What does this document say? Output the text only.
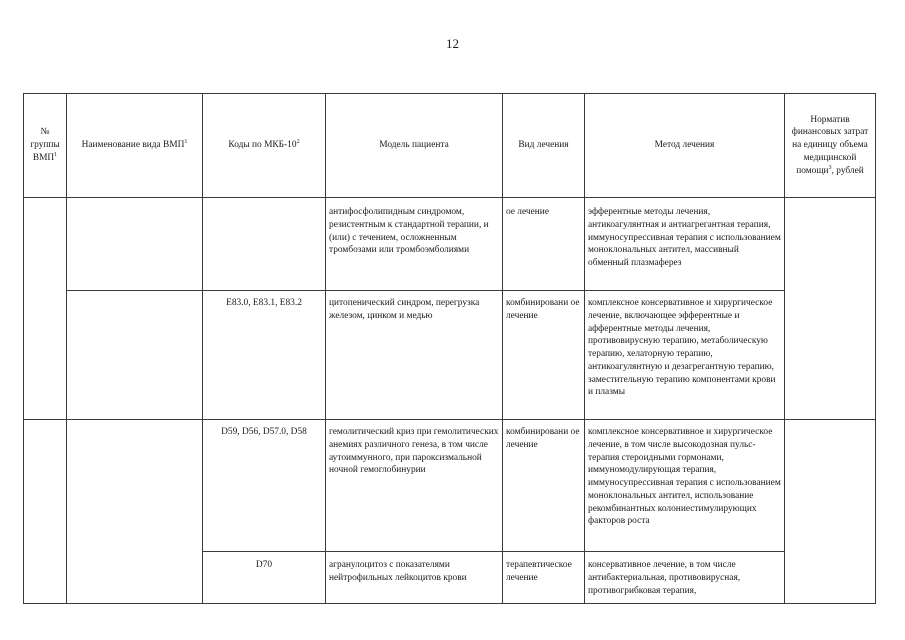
12
№ группы ВМП$^1$	Наименование вида ВМП$^1$	Коды по МКБ-$10^2$	Модель пациента	Вид лечения	Метод лечения	Норматив финансовых затрат на единицу объема медицинской помощи$^3$, рублей
			антифосфолипидным синдромом, резистентным к стандартной терапии, и (или) с течением, осложненным тромбозами или тромбоэмболиями	ое лечение	эфферентные методы лечения, антикоагулянтная и антиагрегантная терапия, иммуносупрессивная терапия с использованием моноклональных антител, массивный обменный плазмаферез	
		E83.0, E83.1, E83.2	цитопенический синдром, перегрузка железом, цинком и медью	комбинировани ое лечение	комплексное консервативное и хирургическое лечение, включающее эфферентные и афферентные методы лечения, противовирусную терапию, метаболическую терапию, хелаторную терапию, антикоагулянтную и дезагрегантную терапию, заместительную терапию компонентами крови и плазмы	
		D59, D56, D57.0, D58	гемолитический криз при гемолитических анемиях различного генеза, в том числе аутоиммунного, при пароксизмальной ночной гемоглобинурии	комбинировани ое лечение	комплексное консервативное и хирургическое лечение, в том числе высокодозная пульс-терапия стероидными гормонами, иммуномодулирующая терапия, иммуносупрессивная терапия с использованием моноклональных антител, использование рекомбинантных колониестимулирующих факторов роста	
		D70	агранулоцитоз с показателями нейтрофильных лейкоцитов крови	терапевтическое лечение	консервативное лечение, в том числе антибактериальная, противовирусная, противогрибковая терапия,	
